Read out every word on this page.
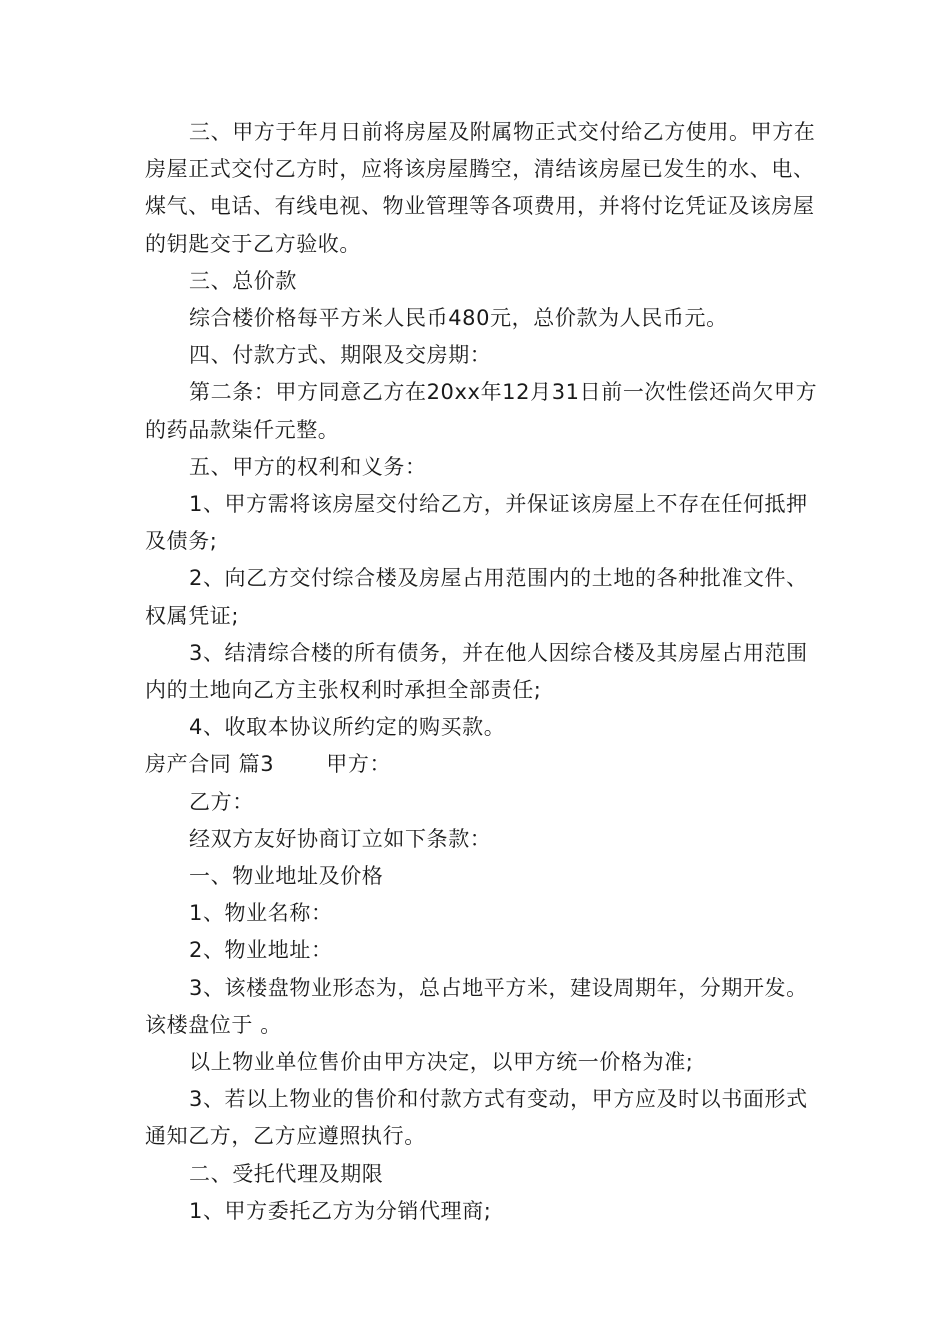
三、甲方于年月日前将房屋及附属物正式交付给乙方使用。甲方在房屋正式交付乙方时，应将该房屋腾空，清结该房屋已发生的水、电、煤气、电话、有线电视、物业管理等各项费用，并将付讫凭证及该房屋的钥匙交于乙方验收。

三、总价款

综合楼价格每平方米人民币480元，总价款为人民币元。

四、付款方式、期限及交房期：

第二条：甲方同意乙方在20xx年12月31日前一次性偿还尚欠甲方的药品款柒仟元整。

五、甲方的权利和义务：

1、甲方需将该房屋交付给乙方，并保证该房屋上不存在任何抵押及债务;

2、向乙方交付综合楼及房屋占用范围内的土地的各种批准文件、权属凭证;

3、结清综合楼的所有债务，并在他人因综合楼及其房屋占用范围内的土地向乙方主张权利时承担全部责任;

4、收取本协议所约定的购买款。

房产合同 篇3 甲方：

乙方：

经双方友好协商订立如下条款：

一、物业地址及价格

1、物业名称：

2、物业地址：

3、该楼盘物业形态为，总占地平方米，建设周期年，分期开发。该楼盘位于 。

以上物业单位售价由甲方决定，以甲方统一价格为准;

3、若以上物业的售价和付款方式有变动，甲方应及时以书面形式通知乙方，乙方应遵照执行。

二、受托代理及期限

1、甲方委托乙方为分销代理商;
